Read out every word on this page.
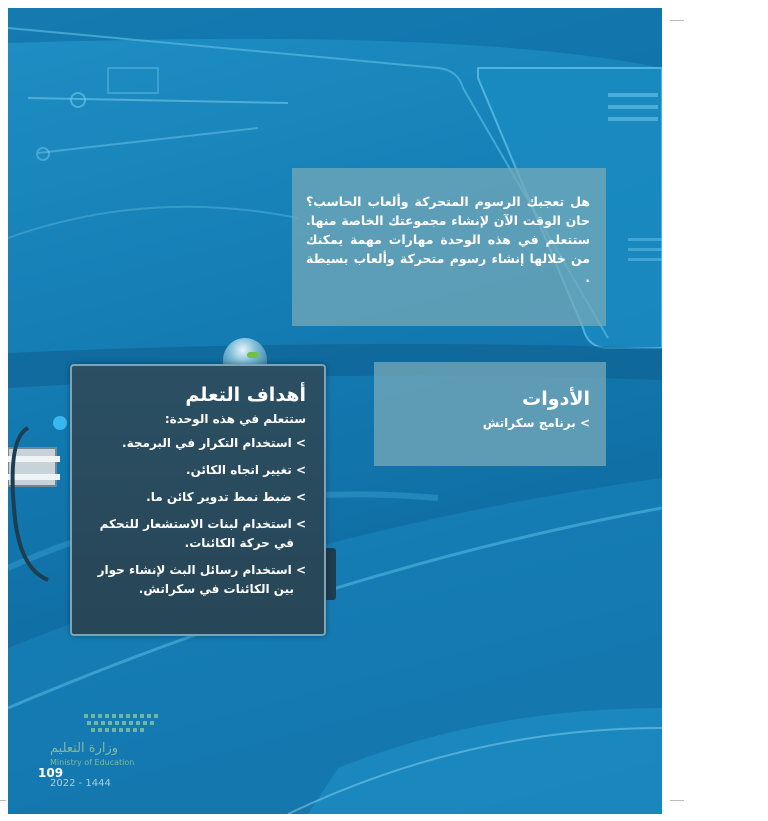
هل تعجبك الرسوم المتحركة وألعاب الحاسب؟ حان الوقت الآن لإنشاء مجموعتك الخاصة منها. ستتعلم في هذه الوحدة مهارات مهمة يمكنك من خلالها إنشاء رسوم متحركة وألعاب بسيطة .

الأدوات

> برنامج سكراتش

أهداف التعلم

ستتعلم في هذه الوحدة:

> استخدام التكرار في البرمجة.
> تغيير اتجاه الكائن.
> ضبط نمط تدوير كائن ما.
> استخدام لبنات الاستشعار للتحكم في حركة الكائنات.
> استخدام رسائل البث لإنشاء حوار بين الكائنات في سكراتش.
وزارة التعليم
Ministry of Education
109
2022 - 1444
